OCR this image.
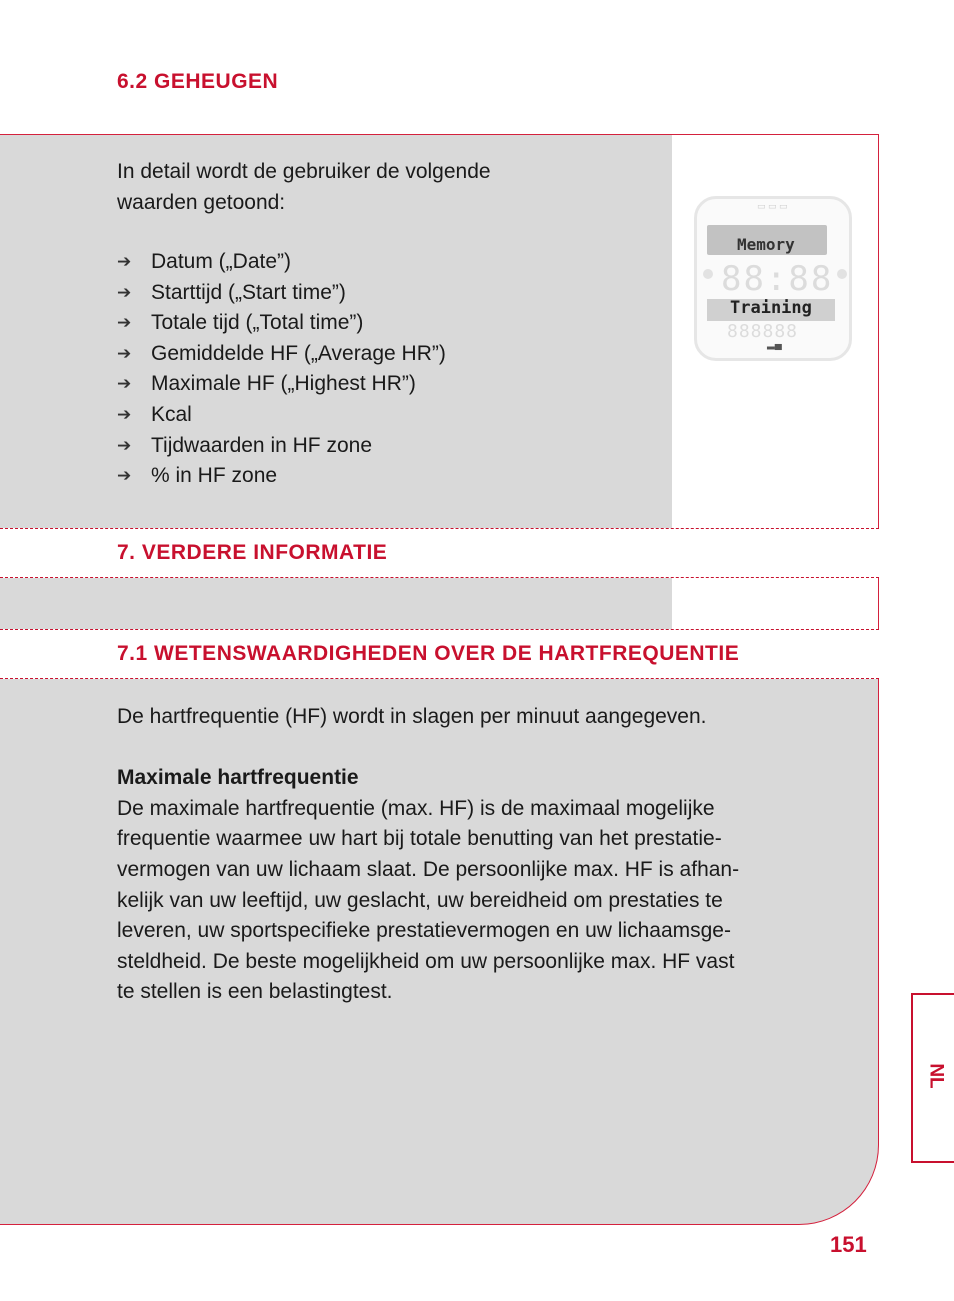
6.2 GEHEUGEN
In detail wordt de gebruiker de volgende
waarden getoond:
➔ Datum („Date”)
➔ Starttijd („Start time”)
➔ Totale tijd („Total time”)
➔ Gemiddelde HF („Average HR”)
➔ Maximale HF („Highest HR”)
➔ Kcal
➔ Tijdwaarden in HF zone
➔ % in HF zone
▭ ▭ ▭
Memory
88:88
Training
888888
▂▄
7. VERDERE INFORMATIE
7.1 WETENSWAARDIGHEDEN OVER DE HARTFREQUENTIE

De hartfrequentie (HF) wordt in slagen per minuut aangegeven.

Maximale hartfrequentie

De maximale hartfrequentie (max. HF) is de maximaal mogelijke

frequentie waarmee uw hart bij totale benutting van het prestatie-

vermogen van uw lichaam slaat. De persoonlijke max. HF is afhan-

kelijk van uw leeftijd, uw geslacht, uw bereidheid om prestaties te

leveren, uw sportspecifieke prestatievermogen en uw lichaamsge-

steldheid. De beste mogelijkheid om uw persoonlijke max. HF vast

te stellen is een belastingtest.

NL
151
